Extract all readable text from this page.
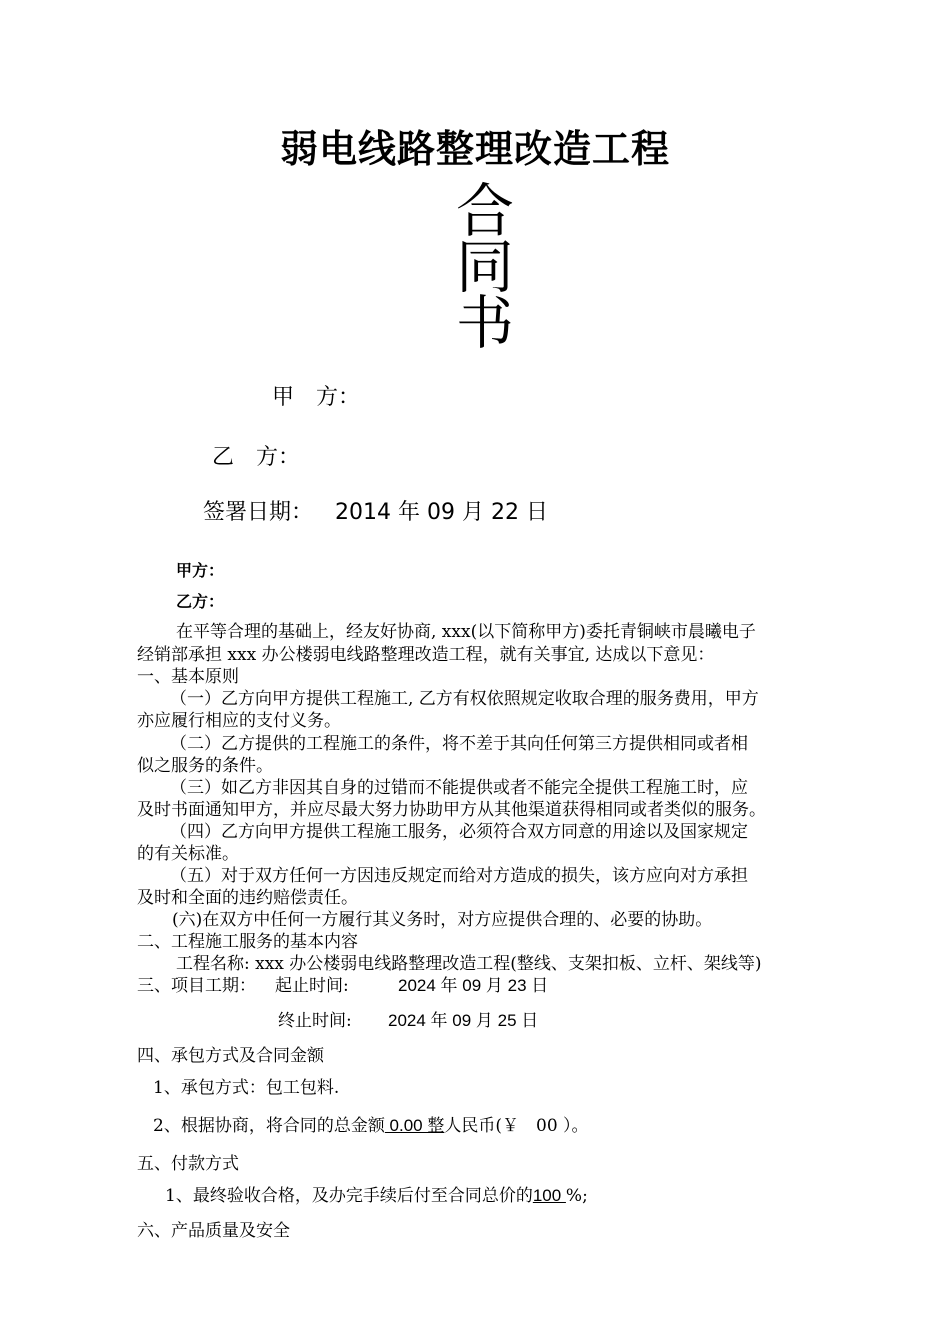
弱电线路整理改造工程
合
同
书
甲　方：
乙　方：
签署日期： 2014 年 09 月 22 日
甲方：
乙方：
在平等合理的基础上，经友好协商, xxx(以下简称甲方)委托青铜峡市晨曦电子
经销部承担 xxx 办公楼弱电线路整理改造工程，就有关事宜, 达成以下意见：
一、基本原则
（一）乙方向甲方提供工程施工, 乙方有权依照规定收取合理的服务费用，甲方
亦应履行相应的支付义务。
（二）乙方提供的工程施工的条件，将不差于其向任何第三方提供相同或者相
似之服务的条件。
（三）如乙方非因其自身的过错而不能提供或者不能完全提供工程施工时，应
及时书面通知甲方，并应尽最大努力协助甲方从其他渠道获得相同或者类似的服务。
（四）乙方向甲方提供工程施工服务，必须符合双方同意的用途以及国家规定
的有关标准。
（五）对于双方任何一方因违反规定而给对方造成的损失，该方应向对方承担
及时和全面的违约赔偿责任。
(六)在双方中任何一方履行其义务时，对方应提供合理的、必要的协助。
二、工程施工服务的基本内容
工程名称: xxx 办公楼弱电线路整理改造工程(整线、支架扣板、立杆、架线等)
三、项目工期： 起止时间:	2024 年 09 月 23 日
终止时间: 2024 年 09 月 25 日
四、承包方式及合同金额
1、承包方式：包工包料.
2、根据协商，将合同的总金额 0.00 整人民币(￥　00 ）。
五、付款方式
1、最终验收合格，及办完手续后付至合同总价的100 %;
六、产品质量及安全
